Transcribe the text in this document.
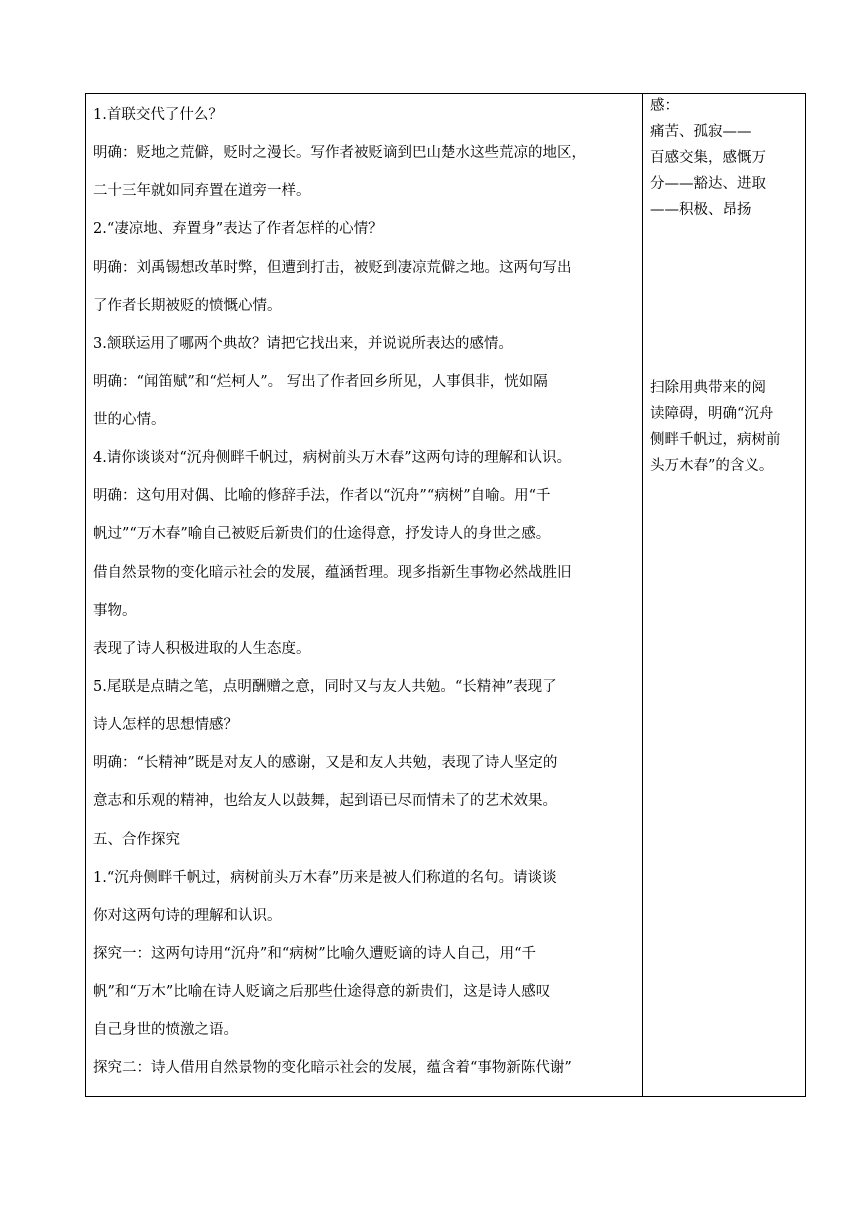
1.首联交代了什么？
明确：贬地之荒僻，贬时之漫长。写作者被贬谪到巴山楚水这些荒凉的地区，
二十三年就如同弃置在道旁一样。
2.“凄凉地、弃置身”表达了作者怎样的心情？
明确：刘禹锡想改革时弊，但遭到打击，被贬到凄凉荒僻之地。这两句写出
了作者长期被贬的愤慨心情。
3.颔联运用了哪两个典故？请把它找出来，并说说所表达的感情。
明确：“闻笛赋”和“烂柯人”。 写出了作者回乡所见，人事俱非，恍如隔
世的心情。
4.请你谈谈对“沉舟侧畔千帆过，病树前头万木春”这两句诗的理解和认识。
明确：这句用对偶、比喻的修辞手法，作者以“沉舟”“病树”自喻。用“千
帆过”“万木春”喻自己被贬后新贵们的仕途得意，抒发诗人的身世之感。
借自然景物的变化暗示社会的发展，蕴涵哲理。现多指新生事物必然战胜旧
事物。
表现了诗人积极进取的人生态度。
5.尾联是点睛之笔，点明酬赠之意，同时又与友人共勉。“长精神”表现了
诗人怎样的思想情感？
明确：“长精神”既是对友人的感谢，又是和友人共勉，表现了诗人坚定的
意志和乐观的精神，也给友人以鼓舞，起到语已尽而情未了的艺术效果。
五、合作探究
1.“沉舟侧畔千帆过，病树前头万木春”历来是被人们称道的名句。请谈谈
你对这两句诗的理解和认识。
探究一：这两句诗用“沉舟”和“病树”比喻久遭贬谪的诗人自己，用“千
帆”和“万木”比喻在诗人贬谪之后那些仕途得意的新贵们，这是诗人感叹
自己身世的愤激之语。
探究二：诗人借用自然景物的变化暗示社会的发展，蕴含着“事物新陈代谢”
感：
痛苦、孤寂——
百感交集，感慨万
分——豁达、进取
——积极、昂扬
扫除用典带来的阅
读障碍，明确“沉舟
侧畔千帆过，病树前
头万木春”的含义。
